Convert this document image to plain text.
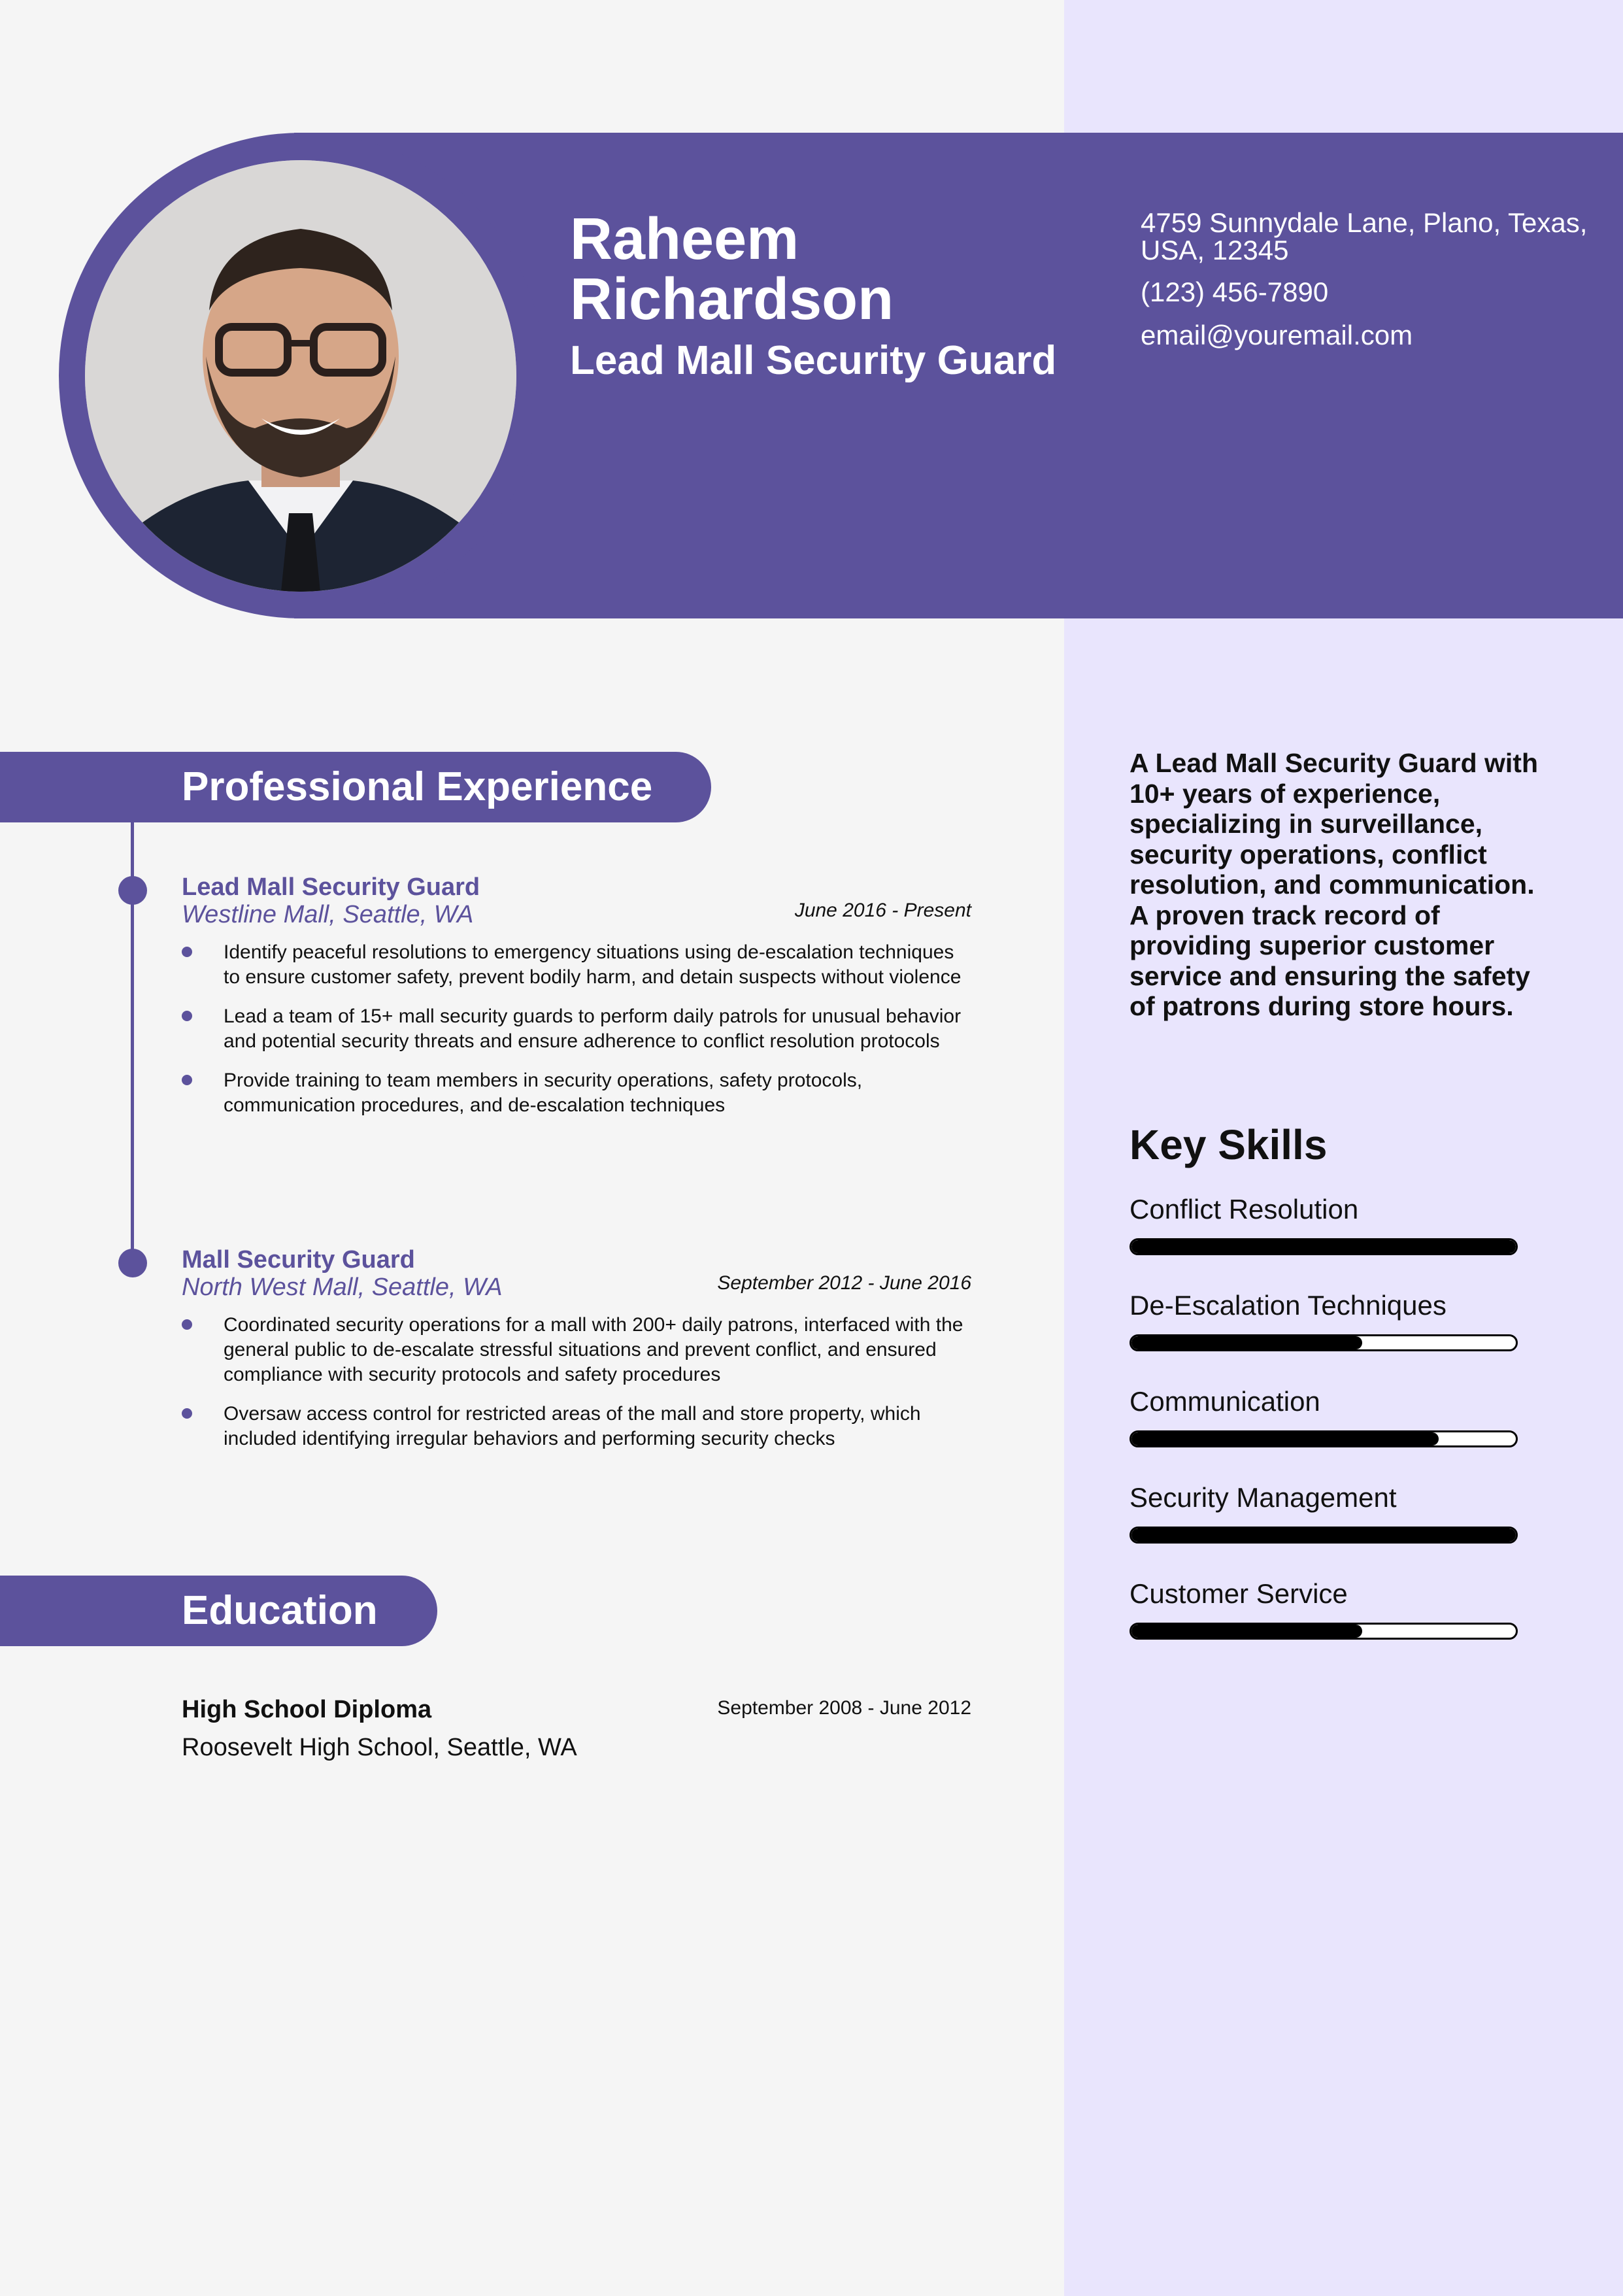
Raheem Richardson
Lead Mall Security Guard
4759 Sunnydale Lane, Plano, Texas, USA, 12345
(123) 456-7890
email@youremail.com
Professional Experience
Lead Mall Security Guard
Westline Mall, Seattle, WA	June 2016 - Present
Identify peaceful resolutions to emergency situations using de-escalation techniques to ensure customer safety, prevent bodily harm, and detain suspects without violence
Lead a team of 15+ mall security guards to perform daily patrols for unusual behavior and potential security threats and ensure adherence to conflict resolution protocols
Provide training to team members in security operations, safety protocols, communication procedures, and de-escalation techniques
Mall Security Guard
North West Mall, Seattle, WA	September 2012 - June 2016
Coordinated security operations for a mall with 200+ daily patrons, interfaced with the general public to de-escalate stressful situations and prevent conflict, and ensured compliance with security protocols and safety procedures
Oversaw access control for restricted areas of the mall and store property, which included identifying irregular behaviors and performing security checks
Education
High School Diploma
Roosevelt High School, Seattle, WA
September 2008 - June 2012
A Lead Mall Security Guard with 10+ years of experience, specializing in surveillance, security operations, conflict resolution, and communication. A proven track record of providing superior customer service and ensuring the safety of patrons during store hours.
Key Skills
Conflict Resolution
De-Escalation Techniques
Communication
Security Management
Customer Service
